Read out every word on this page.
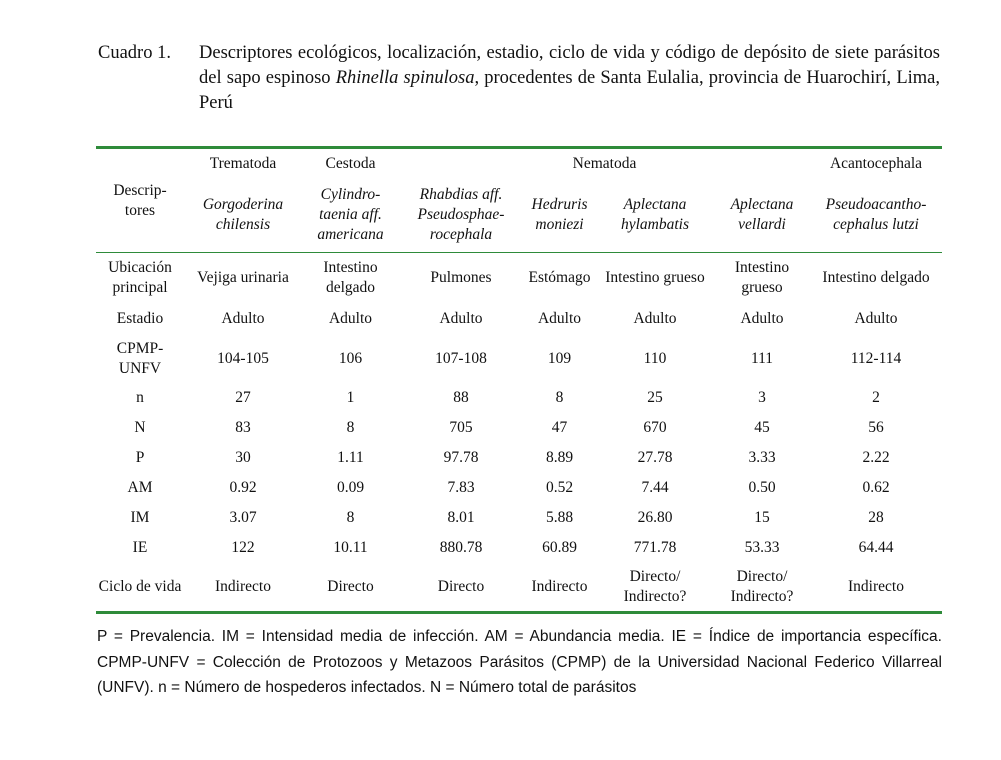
Cuadro 1.	Descriptores ecológicos, localización, estadio, ciclo de vida y código de depósito de siete parásitos del sapo espinoso Rhinella spinulosa, procedentes de Santa Eulalia, provincia de Huarochirí, Lima, Perú
Descrip- tores	Trematoda	Cestoda	Nematoda				Acantocephala
	Gorgoderina chilensis	Cylindro- taenia aff. americana	Rhabdias aff. Pseudosphae- rocephala	Hedruris moniezi	Aplectana hylambatis	Aplectana vellardi	Pseudoacantho- cephalus lutzi
Ubicación principal	Vejiga urinaria	Intestino delgado	Pulmones	Estómago	Intestino grueso	Intestino grueso	Intestino delgado
Estadio	Adulto	Adulto	Adulto	Adulto	Adulto	Adulto	Adulto
CPMP- UNFV	104-105	106	107-108	109	110	111	112-114
n	27	1	88	8	25	3	2
N	83	8	705	47	670	45	56
P	30	1.11	97.78	8.89	27.78	3.33	2.22
AM	0.92	0.09	7.83	0.52	7.44	0.50	0.62
IM	3.07	8	8.01	5.88	26.80	15	28
IE	122	10.11	880.78	60.89	771.78	53.33	64.44
Ciclo de vida	Indirecto	Directo	Directo	Indirecto	Directo/ Indirecto?	Directo/ Indirecto?	Indirecto
P = Prevalencia. IM = Intensidad media de infección. AM = Abundancia media. IE = Índice de importancia específica. CPMP-UNFV = Colección de Protozoos y Metazoos Parásitos (CPMP) de la Universidad Nacional Federico Villarreal (UNFV). n = Número de hospederos infectados. N = Número total de parásitos
